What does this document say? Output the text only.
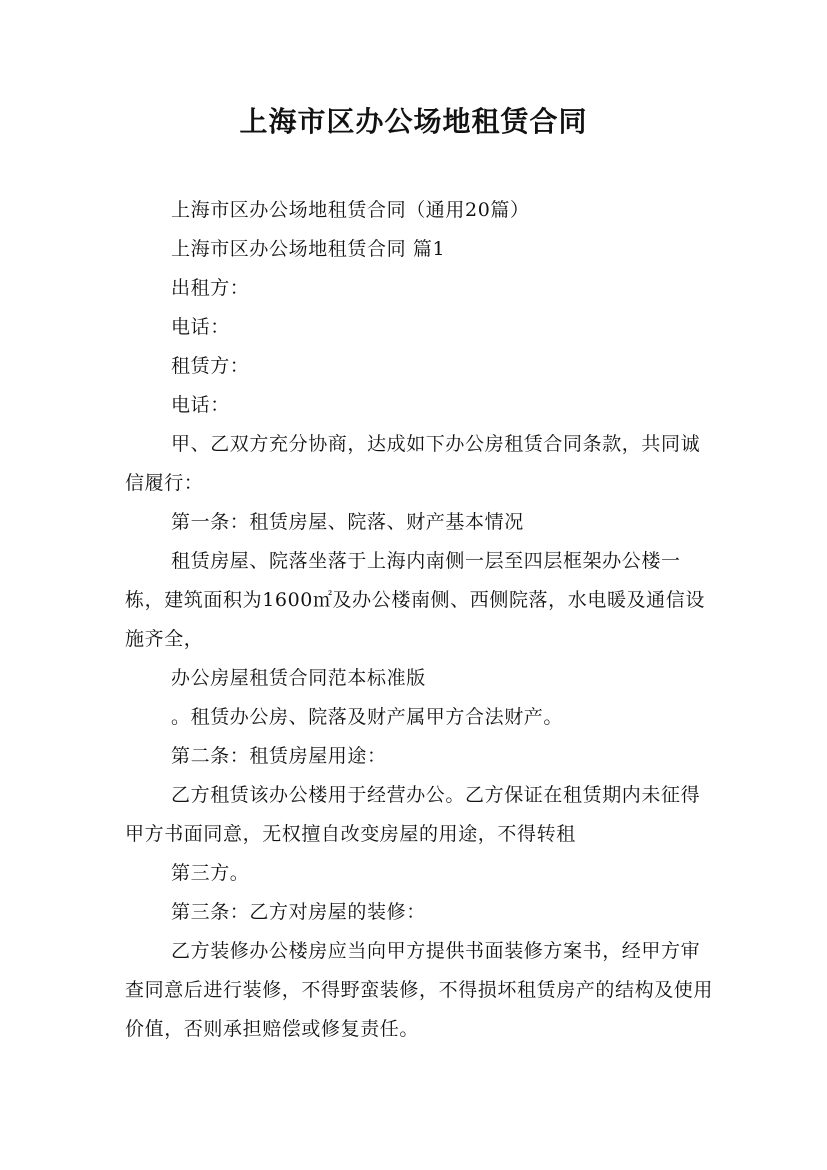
上海市区办公场地租赁合同

上海市区办公场地租赁合同（通用20篇）

上海市区办公场地租赁合同 篇1

出租方：

电话：

租赁方：

电话：

甲、乙双方充分协商，达成如下办公房租赁合同条款，共同诚信履行：

第一条：租赁房屋、院落、财产基本情况

租赁房屋、院落坐落于上海内南侧一层至四层框架办公楼一栋，建筑面积为1600㎡及办公楼南侧、西侧院落，水电暖及通信设施齐全，

办公房屋租赁合同范本标准版

。租赁办公房、院落及财产属甲方合法财产。

第二条：租赁房屋用途：

乙方租赁该办公楼用于经营办公。乙方保证在租赁期内未征得甲方书面同意，无权擅自改变房屋的用途，不得转租

第三方。

第三条：乙方对房屋的装修：

乙方装修办公楼房应当向甲方提供书面装修方案书，经甲方审查同意后进行装修，不得野蛮装修，不得损坏租赁房产的结构及使用价值，否则承担赔偿或修复责任。
